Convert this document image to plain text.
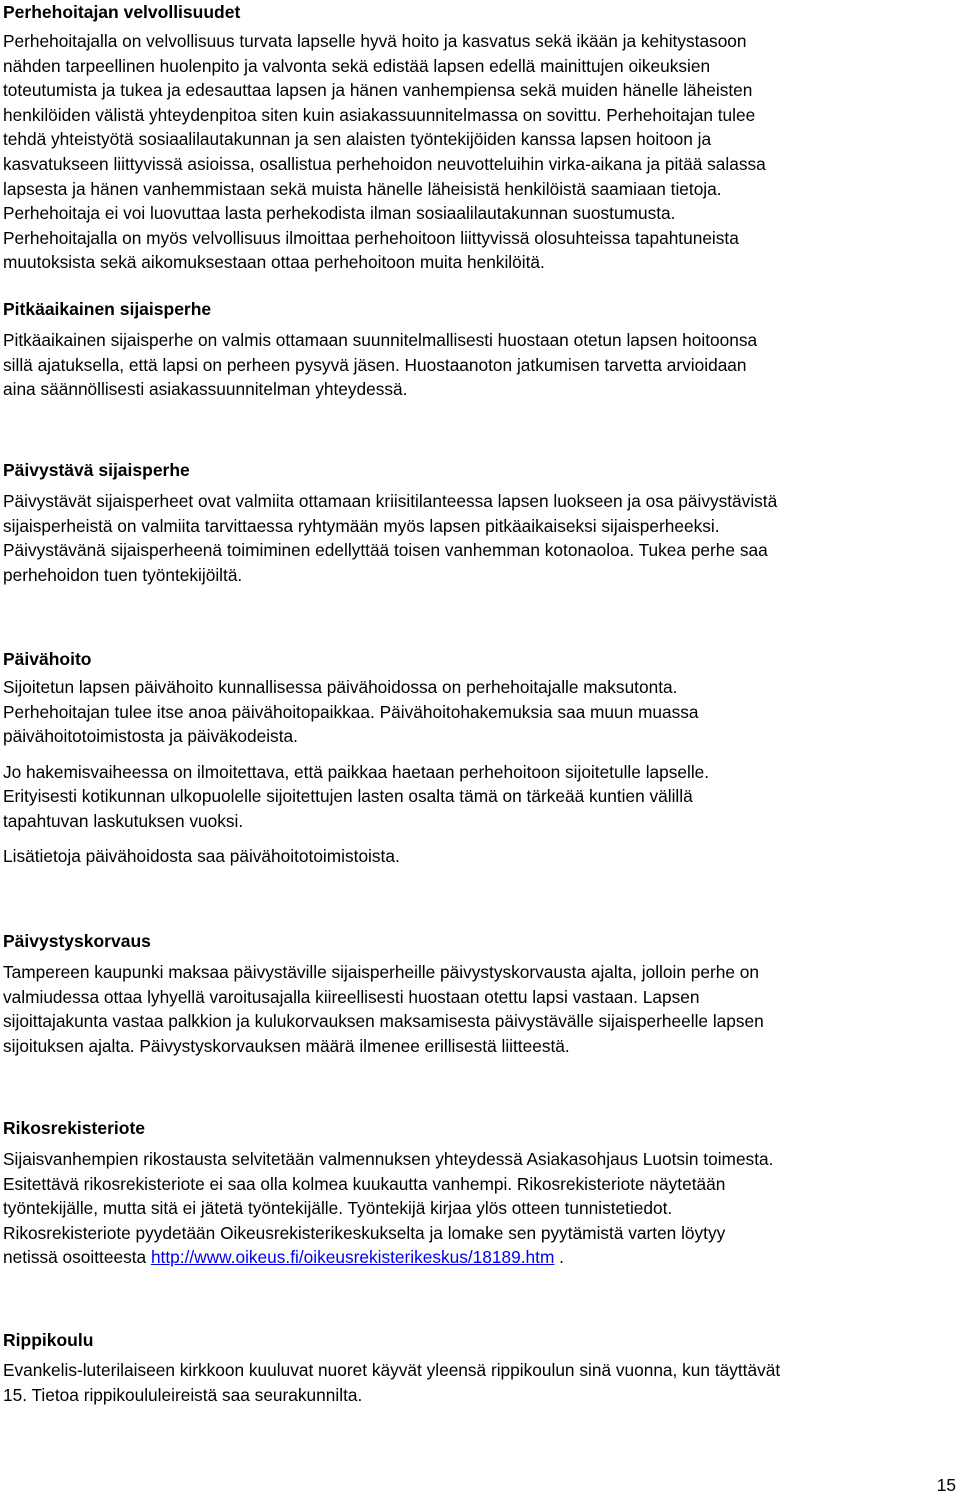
Perhehoitajan velvollisuudet

Perhehoitajalla on velvollisuus turvata lapselle hyvä hoito ja kasvatus sekä ikään ja kehitystasoon
nähden tarpeellinen huolenpito ja valvonta sekä edistää lapsen edellä mainittujen oikeuksien
toteutumista ja tukea ja edesauttaa lapsen ja hänen vanhempiensa sekä muiden hänelle läheisten
henkilöiden välistä yhteydenpitoa siten kuin asiakassuunnitelmassa on sovittu. Perhehoitajan tulee
tehdä yhteistyötä sosiaalilautakunnan ja sen alaisten työntekijöiden kanssa lapsen hoitoon ja
kasvatukseen liittyvissä asioissa, osallistua perhehoidon neuvotteluihin virka-aikana ja pitää salassa
lapsesta ja hänen vanhemmistaan sekä muista hänelle läheisistä henkilöistä saamiaan tietoja.
Perhehoitaja ei voi luovuttaa lasta perhekodista ilman sosiaalilautakunnan suostumusta.
Perhehoitajalla on myös velvollisuus ilmoittaa perhehoitoon liittyvissä olosuhteissa tapahtuneista
muutoksista sekä aikomuksestaan ottaa perhehoitoon muita henkilöitä.

Pitkäaikainen sijaisperhe

Pitkäaikainen sijaisperhe on valmis ottamaan suunnitelmallisesti huostaan otetun lapsen hoitoonsa
sillä ajatuksella, että lapsi on perheen pysyvä jäsen. Huostaanoton jatkumisen tarvetta arvioidaan
aina säännöllisesti asiakassuunnitelman yhteydessä.

Päivystävä sijaisperhe

Päivystävät sijaisperheet ovat valmiita ottamaan kriisitilanteessa lapsen luokseen ja osa päivystävistä
sijaisperheistä on valmiita tarvittaessa ryhtymään myös lapsen pitkäaikaiseksi sijaisperheeksi.
Päivystävänä sijaisperheenä toimiminen edellyttää toisen vanhemman kotonaoloa. Tukea perhe saa
perhehoidon tuen työntekijöiltä.

Päivähoito

Sijoitetun lapsen päivähoito kunnallisessa päivähoidossa on perhehoitajalle maksutonta.
Perhehoitajan tulee itse anoa päivähoitopaikkaa. Päivähoitohakemuksia saa muun muassa
päivähoitotoimistosta ja päiväkodeista.

Jo hakemisvaiheessa on ilmoitettava, että paikkaa haetaan perhehoitoon sijoitetulle lapselle.
Erityisesti kotikunnan ulkopuolelle sijoitettujen lasten osalta tämä on tärkeää kuntien välillä
tapahtuvan laskutuksen vuoksi.

Lisätietoja päivähoidosta saa päivähoitotoimistoista.

Päivystyskorvaus

Tampereen kaupunki maksaa päivystäville sijaisperheille päivystyskorvausta ajalta, jolloin perhe on
valmiudessa ottaa lyhyellä varoitusajalla kiireellisesti huostaan otettu lapsi vastaan. Lapsen
sijoittajakunta vastaa palkkion ja kulukorvauksen maksamisesta päivystävälle sijaisperheelle lapsen
sijoituksen ajalta. Päivystyskorvauksen määrä ilmenee erillisestä liitteestä.

Rikosrekisteriote

Sijaisvanhempien rikostausta selvitetään valmennuksen yhteydessä Asiakasohjaus Luotsin toimesta.
Esitettävä rikosrekisteriote ei saa olla kolmea kuukautta vanhempi. Rikosrekisteriote näytetään
työntekijälle, mutta sitä ei jätetä työntekijälle. Työntekijä kirjaa ylös otteen tunnistetiedot.
Rikosrekisteriote pyydetään Oikeusrekisterikeskukselta ja lomake sen pyytämistä varten löytyy
netissä osoitteesta http://www.oikeus.fi/oikeusrekisterikeskus/18189.htm .

Rippikoulu

Evankelis-luterilaiseen kirkkoon kuuluvat nuoret käyvät yleensä rippikoulun sinä vuonna, kun täyttävät
15. Tietoa rippikoululeireistä saa seurakunnilta.

15
